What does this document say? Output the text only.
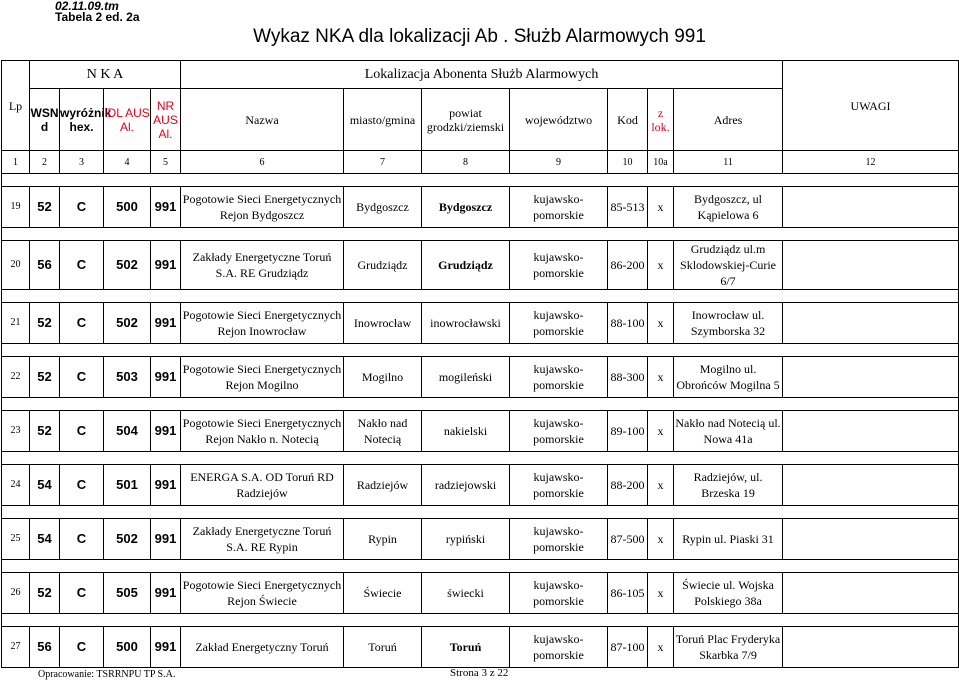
02.11.09.tm
Tabela 2 ed. 2a
Wykaz NKA dla lokalizacji Ab . Służb Alarmowych 991
Lp	N K A				Lokalizacja Abonenta Służb Alarmowych							UWAGI
	WSN d	wyróżnik hex.	IDL AUS Al.	NR AUS Al.	Nazwa	miasto/gmina	powiat grodzki/ziemski	województwo	Kod	z lok.	Adres	
1	2	3	4	5	6	7	8	9	10	10a	11	12

19	52	C	500	991	Pogotowie Sieci Energetycznych Rejon Bydgoszcz	Bydgoszcz	Bydgoszcz	kujawsko-pomorskie	85-513	x	Bydgoszcz, ul Kąpielowa 6	

20	56	C	502	991	Zakłady Energetyczne Toruń S.A. RE Grudziądz	Grudziądz	Grudziądz	kujawsko-pomorskie	86-200	x	Grudziądz ul.m Sklodowskiej-Curie 6/7	

21	52	C	502	991	Pogotowie Sieci Energetycznych Rejon Inowrocław	Inowrocław	inowrocławski	kujawsko-pomorskie	88-100	x	Inowrocław ul. Szymborska 32	

22	52	C	503	991	Pogotowie Sieci Energetycznych Rejon Mogilno	Mogilno	mogileński	kujawsko-pomorskie	88-300	x	Mogilno ul. Obrońców Mogilna 5	

23	52	C	504	991	Pogotowie Sieci Energetycznych Rejon Nakło n. Notecią	Nakło nad Notecią	nakielski	kujawsko-pomorskie	89-100	x	Nakło nad Notecią ul. Nowa 41a	

24	54	C	501	991	ENERGA S.A. OD Toruń RD Radziejów	Radziejów	radziejowski	kujawsko-pomorskie	88-200	x	Radziejów, ul. Brzeska 19	

25	54	C	502	991	Zakłady Energetyczne Toruń S.A. RE Rypin	Rypin	rypiński	kujawsko-pomorskie	87-500	x	Rypin ul. Piaski 31	

26	52	C	505	991	Pogotowie Sieci Energetycznych Rejon Świecie	Świecie	świecki	kujawsko-pomorskie	86-105	x	Świecie ul. Wojska Polskiego 38a	

27	56	C	500	991	Zakład Energetyczny Toruń	Toruń	Toruń	kujawsko-pomorskie	87-100	x	Toruń Plac Fryderyka Skarbka 7/9	
Opracowanie: TSRRNPU TP S.A.	Strona 3 z 22
